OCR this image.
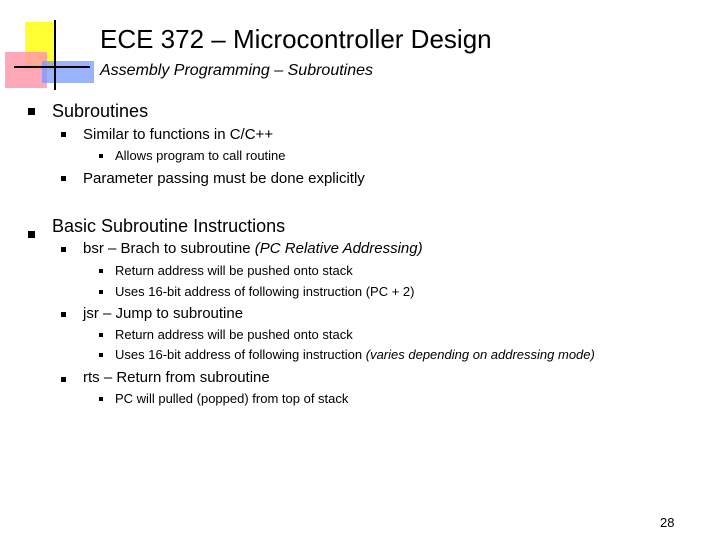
ECE 372 – Microcontroller Design
Assembly Programming – Subroutines
Subroutines
Similar to functions in C/C++
Allows program to call routine
Parameter passing must be done explicitly
Basic Subroutine Instructions
bsr – Brach to subroutine (PC Relative Addressing)
Return address will be pushed onto stack
Uses 16-bit address of following instruction (PC + 2)
jsr – Jump to subroutine
Return address will be pushed onto stack
Uses 16-bit address of following instruction (varies depending on addressing mode)
rts – Return from subroutine
PC will pulled (popped) from top of stack
28
